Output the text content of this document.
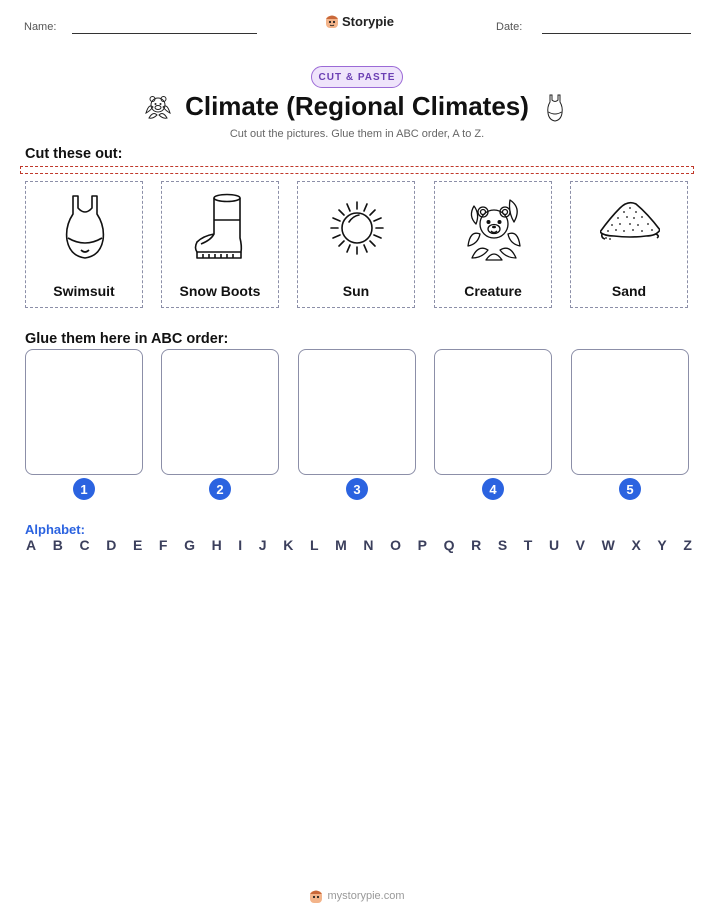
Name:	Storypie	Date:
CUT & PASTE
Climate (Regional Climates)
Cut out the pictures. Glue them in ABC order, A to Z.
Cut these out:
Swimsuit	Snow Boots	Sun	Creature	Sand
Glue them here in ABC order:
1	2	3	4	5
Alphabet:
A B C D E F G H I J K L M N O P Q R S T U V W X Y Z
mystorypie.com
